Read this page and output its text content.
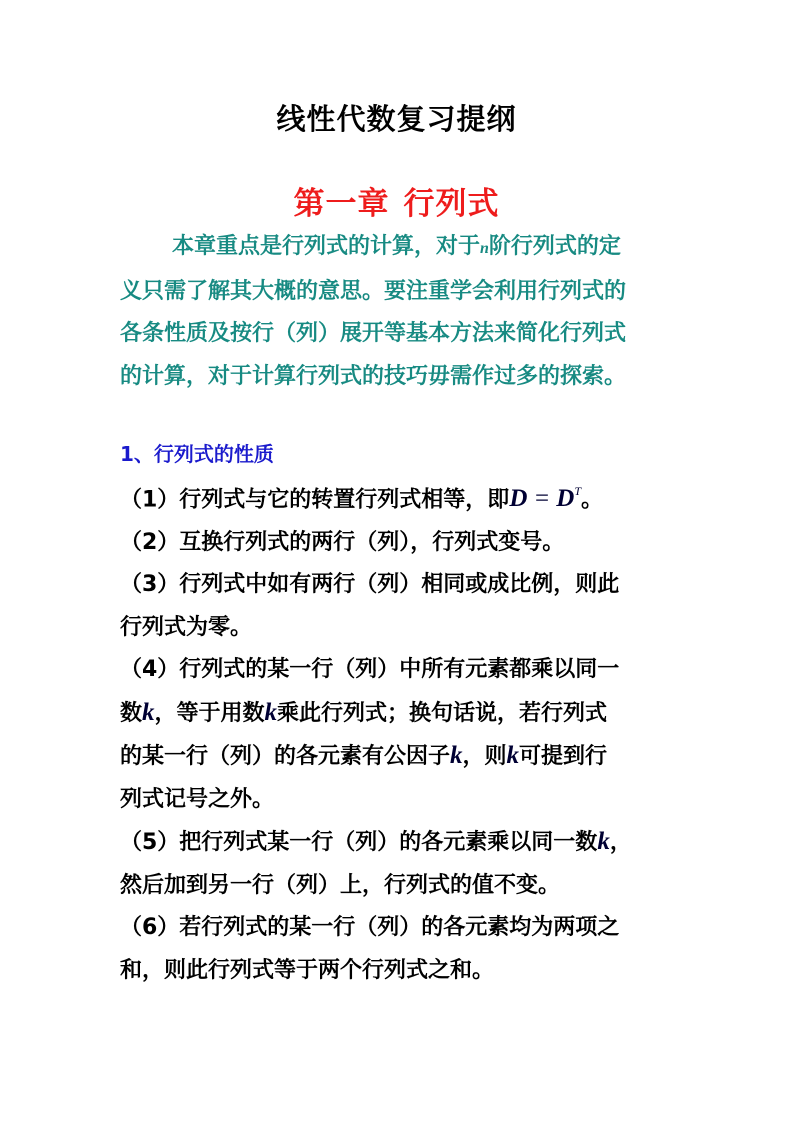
线性代数复习提纲
第一章 行列式
本章重点是行列式的计算，对于n阶行列式的定
义只需了解其大概的意思。要注重学会利用行列式的
各条性质及按行（列）展开等基本方法来简化行列式
的计算，对于计算行列式的技巧毋需作过多的探索。
1、行列式的性质
（1）行列式与它的转置行列式相等，即$D = D^T$。
（2）互换行列式的两行（列），行列式变号。
（3）行列式中如有两行（列）相同或成比例，则此
行列式为零。
（4）行列式的某一行（列）中所有元素都乘以同一
数k，等于用数k乘此行列式；换句话说，若行列式
的某一行（列）的各元素有公因子k，则k可提到行
列式记号之外。
（5）把行列式某一行（列）的各元素乘以同一数k，
然后加到另一行（列）上，行列式的值不变。
（6）若行列式的某一行（列）的各元素均为两项之
和，则此行列式等于两个行列式之和。
